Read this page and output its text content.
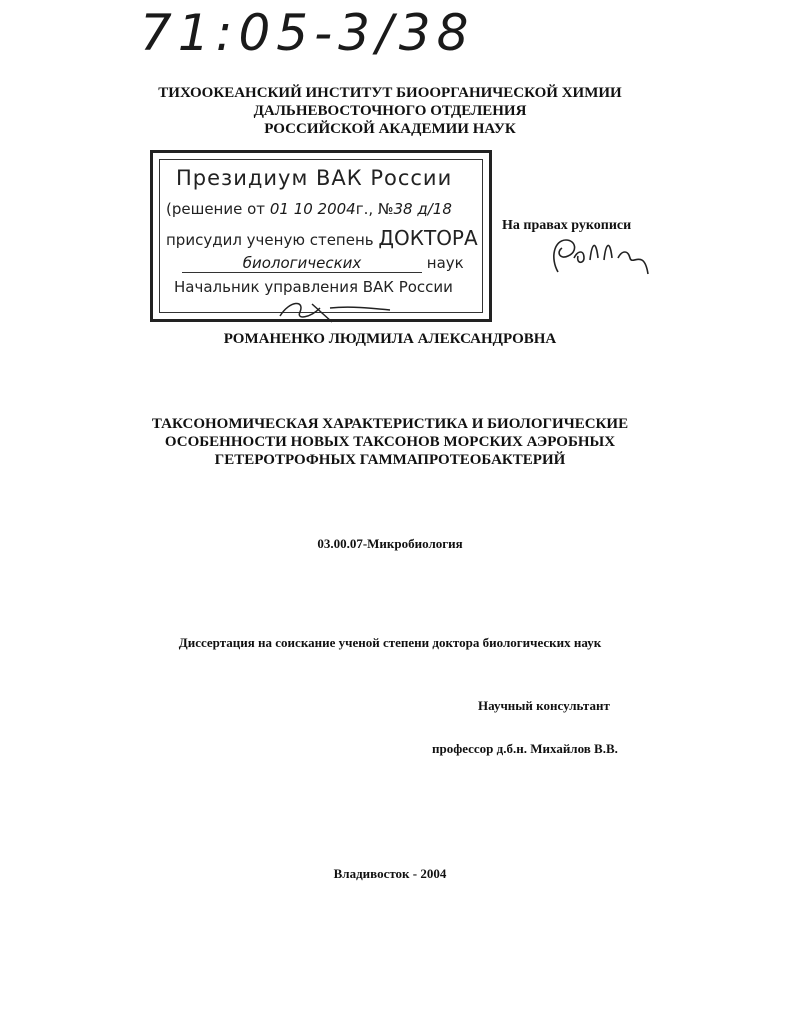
71:05-3/38
ТИХООКЕАНСКИЙ ИНСТИТУТ БИООРГАНИЧЕСКОЙ ХИМИИ
ДАЛЬНЕВОСТОЧНОГО ОТДЕЛЕНИЯ
РОССИЙСКОЙ АКАДЕМИИ НАУК
Президиум ВАК России
(решение от 01 10 2004г., №38 д/18
присудил ученую степень ДОКТОРА
биологических	наук
Начальник управления ВАК России
На правах рукописи
РОМАНЕНКО ЛЮДМИЛА АЛЕКСАНДРОВНА
ТАКСОНОМИЧЕСКАЯ ХАРАКТЕРИСТИКА И БИОЛОГИЧЕСКИЕ
ОСОБЕННОСТИ НОВЫХ ТАКСОНОВ МОРСКИХ АЭРОБНЫХ
ГЕТЕРОТРОФНЫХ ГАММАПРОТЕОБАКТЕРИЙ
03.00.07-Микробиология
Диссертация на соискание ученой степени доктора биологических наук
Научный консультант
профессор д.б.н. Михайлов В.В.
Владивосток - 2004
